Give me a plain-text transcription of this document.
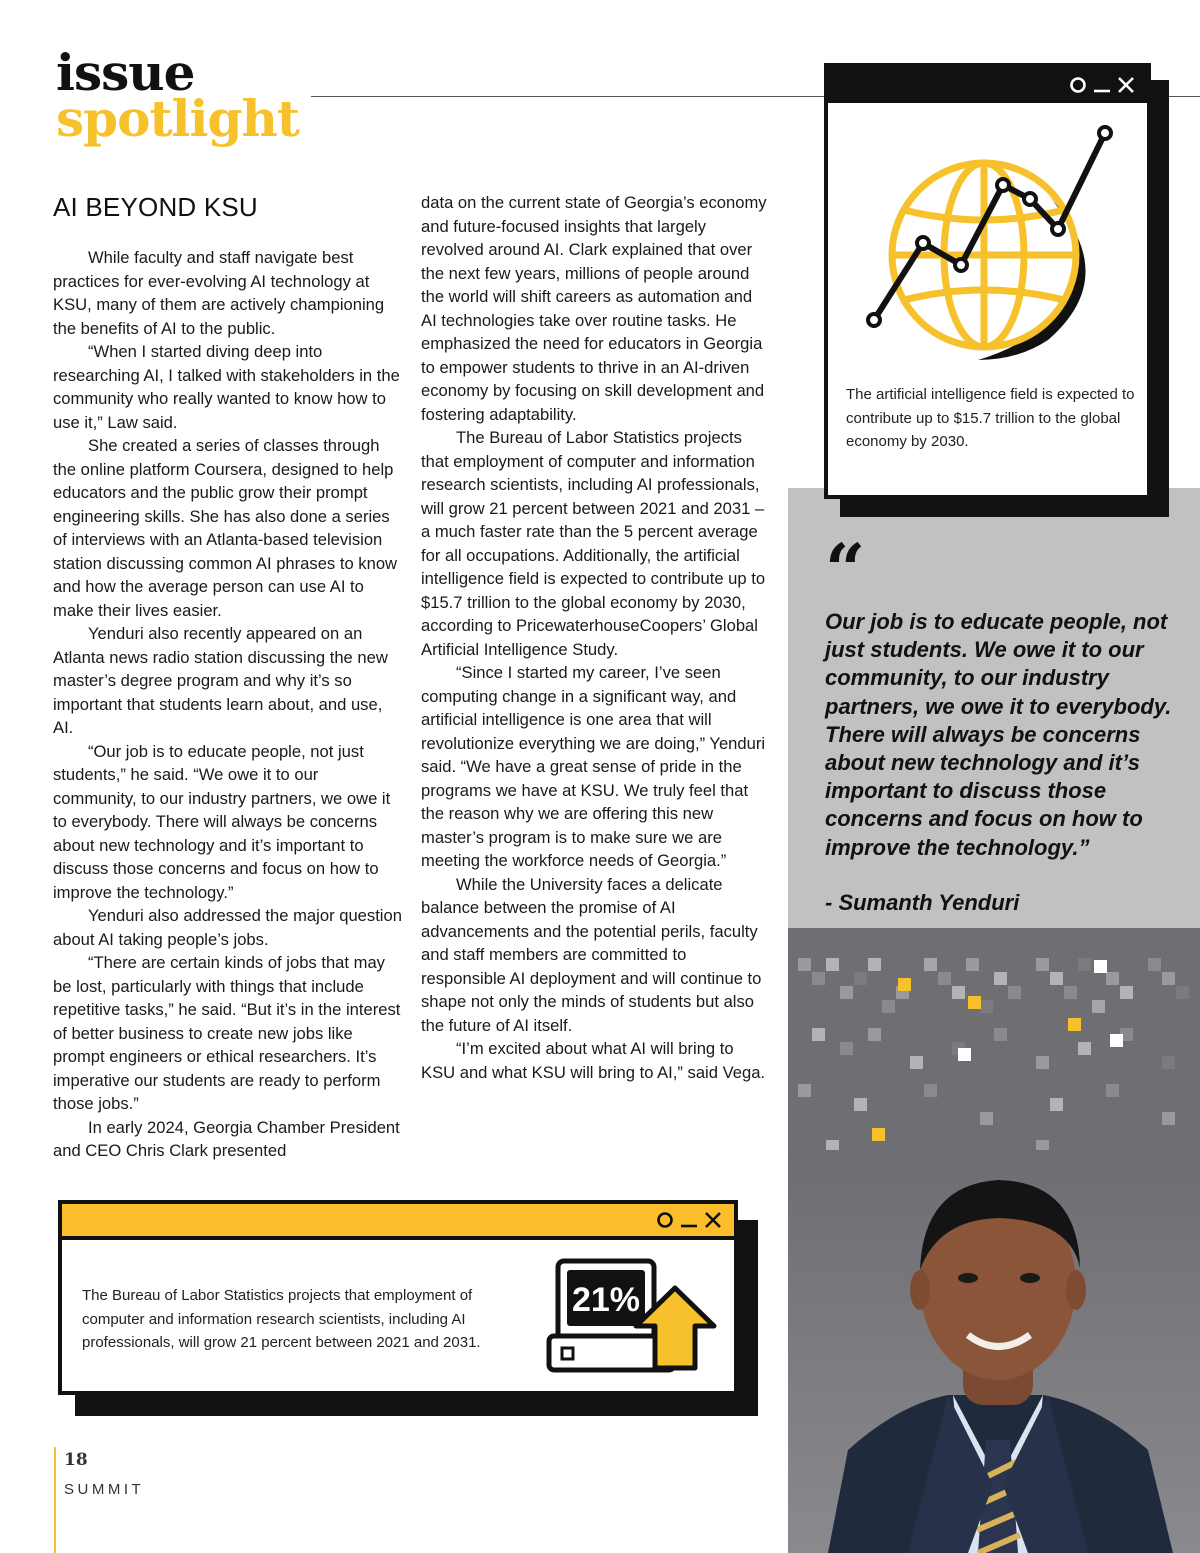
issue
spotlight
AI BEYOND KSU

While faculty and staff navigate best practices for ever-evolving AI technology at KSU, many of them are actively championing the benefits of AI to the public.

“When I started diving deep into researching AI, I talked with stakeholders in the community who really wanted to know how to use it,” Law said.

She created a series of classes through the online platform Coursera, designed to help educators and the public grow their prompt engineering skills. She has also done a series of interviews with an Atlanta-based television station discussing common AI phrases to know and how the average person can use AI to make their lives easier.

Yenduri also recently appeared on an Atlanta news radio station discussing the new master’s degree program and why it’s so important that students learn about, and use, AI.

“Our job is to educate people, not just students,” he said. “We owe it to our community, to our industry partners, we owe it to everybody. There will always be concerns about new technology and it’s important to discuss those concerns and focus on how to improve the technology.”

Yenduri also addressed the major question about AI taking people’s jobs.

“There are certain kinds of jobs that may be lost, particularly with things that include repetitive tasks,” he said. “But it’s in the interest of better business to create new jobs like prompt engineers or ethical researchers. It’s imperative our students are ready to perform those jobs.”

In early 2024, Georgia Chamber President and CEO Chris Clark presented

data on the current state of Georgia’s economy and future-focused insights that largely revolved around AI. Clark explained that over the next few years, millions of people around the world will shift careers as automation and AI technologies take over routine tasks. He emphasized the need for educators in Georgia to empower students to thrive in an AI-driven economy by focusing on skill development and fostering adaptability.

The Bureau of Labor Statistics projects that employment of computer and information research scientists, including AI professionals, will grow 21 percent between 2021 and 2031 – a much faster rate than the 5 percent average for all occupations. Additionally, the artificial intelligence field is expected to contribute up to $15.7 trillion to the global economy by 2030, according to PricewaterhouseCoopers’ Global Artificial Intelligence Study.

“Since I started my career, I’ve seen computing change in a significant way, and artificial intelligence is one area that will revolutionize everything we are doing,” Yenduri said. “We have a great sense of pride in the programs we have at KSU. We truly feel that the reason why we are offering this new master’s program is to make sure we are meeting the workforce needs of Georgia.”

While the University faces a delicate balance between the promise of AI advancements and the potential perils, faculty and staff members are committed to responsible AI deployment and will continue to shape not only the minds of students but also the future of AI itself.

“I’m excited about what AI will bring to KSU and what KSU will bring to AI,” said Vega.

“
Our job is to educate people, not just students. We owe it to our community, to our industry partners, we owe it to everybody. There will always be concerns about new technology and it’s important to discuss those concerns and focus on how to improve the technology.”
- Sumanth Yenduri
The artificial intelligence field is expected to contribute up to $15.7 trillion to the global economy by 2030.
The Bureau of Labor Statistics projects that employment of computer and information research scientists, including AI professionals, will grow 21 percent between 2021 and 2031.
21%
18
SUMMIT
